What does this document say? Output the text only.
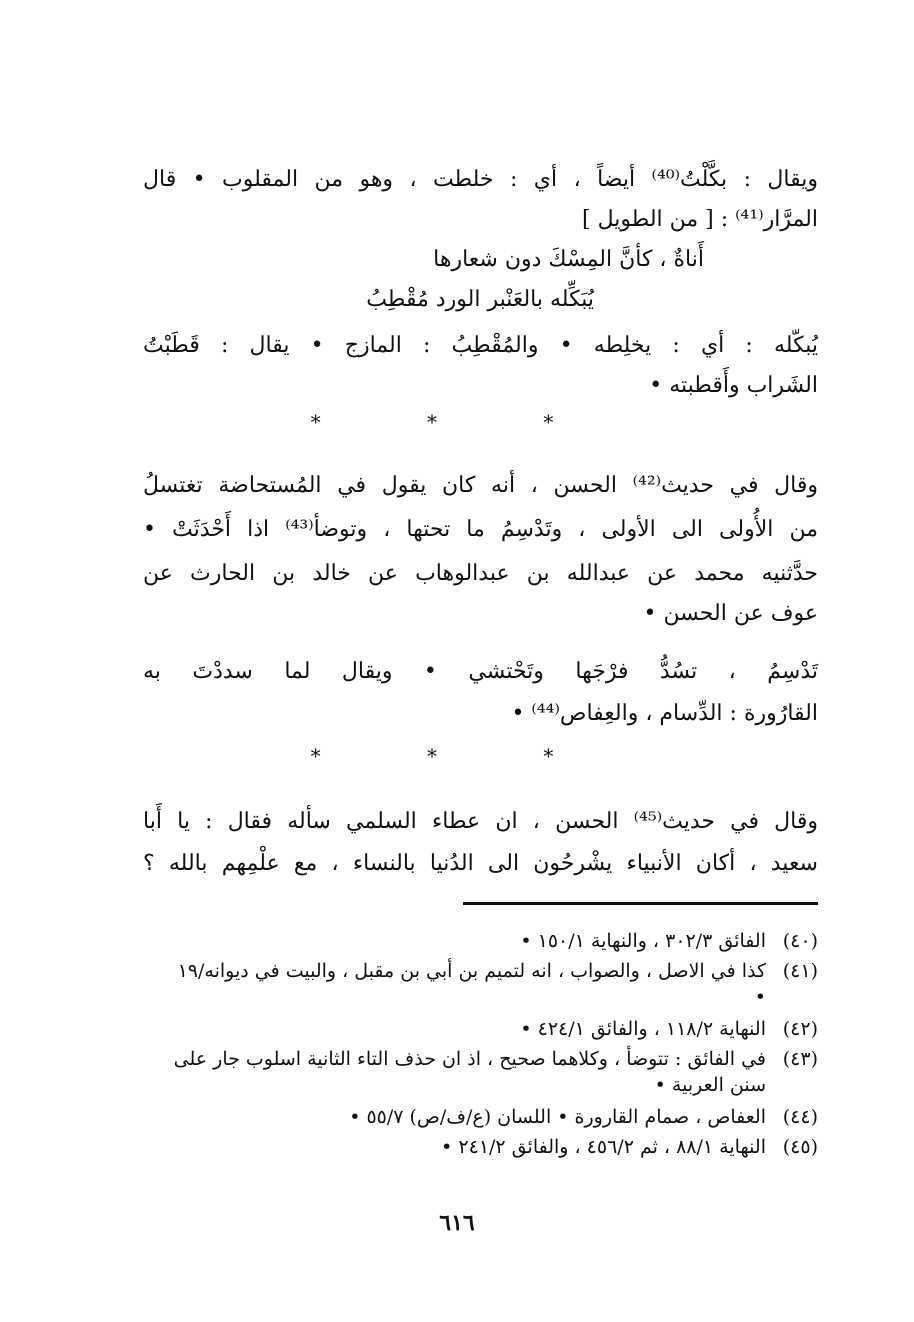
ويقال : بكَّلْتُ⁽⁴⁰⁾ أيضاً ، أي : خلطت ، وهو من المقلوب • قال
المرَّار⁽⁴¹⁾ : [ من الطويل ]
أَناةٌ ، كأنَّ المِسْكَ دون شعارها
يُبَكِّله بالعَنْبر الورد مُقْطِبُ
يُبكّله : أي : يخلِطه • والمُقْطِبُ : المازج • يقال : قَطَبْتُ
الشَراب وأَقطبته •
* * *
وقال في حديث⁽⁴²⁾ الحسن ، أنه كان يقول في المُستحاضة تغتسلُ
من الأُولى الى الأولى ، وتَدْسِمُ ما تحتها ، وتوضأ⁽⁴³⁾ اذا أَحْدَثَتْ •
حدَّثنيه محمد عن عبدالله بن عبدالوهاب عن خالد بن الحارث عن
عوف عن الحسن •
تَدْسِمُ ، تسُدُّ فرْجَها وتَحْتشي • ويقال لما سددْتَ به
القارُورة : الدِّسام ، والعِفاص⁽⁴⁴⁾ •
* * *
وقال في حديث⁽⁴⁵⁾ الحسن ، ان عطاء السلمي سأله فقال : يا أَبا
سعيد ، أكان الأنبياء يشْرحُون الى الدُنيا بالنساء ، مع علْمِهم بالله ؟
(٤٠)
الفائق ٣٠٢/٣ ، والنهاية ١٥٠/١ •
(٤١)
كذا في الاصل ، والصواب ، انه لتميم بن أبي بن مقبل ، والبيت في ديوانه/١٩ •
(٤٢)
النهاية ١١٨/٢ ، والفائق ٤٢٤/١ •
(٤٣)
في الفائق : تتوضأ ، وكلاهما صحيح ، اذ ان حذف التاء الثانية اسلوب جار على سنن العربية •
(٤٤)
العفاص ، صمام القارورة • اللسان (ع/ف/ص) ٥٥/٧ •
(٤٥)
النهاية ٨٨/١ ، ثم ٤٥٦/٢ ، والفائق ٢٤١/٢ •
٦١٦
